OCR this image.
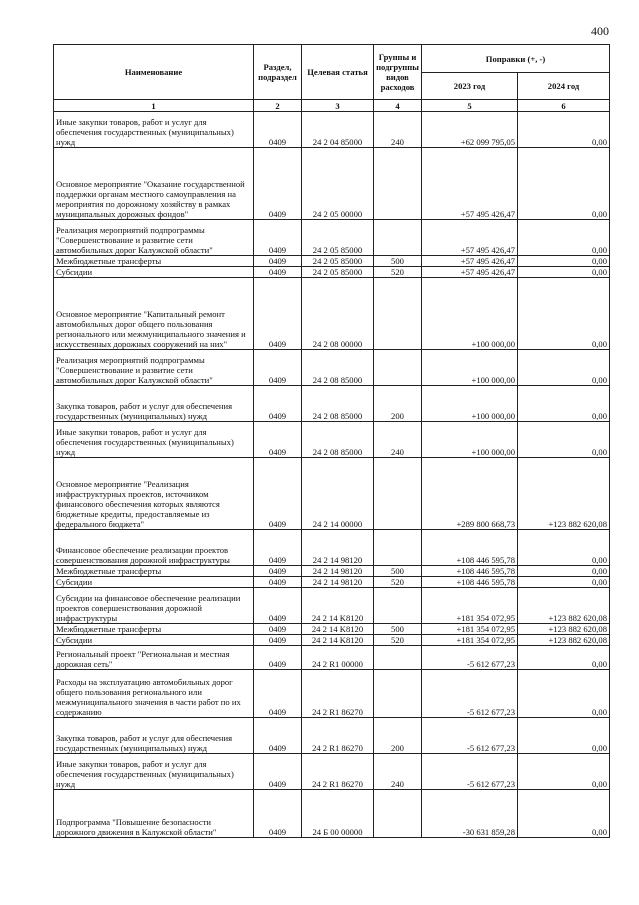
400
Наименование	Раздел, подраздел	Целевая статья	Группы и подгруппы видов расходов	Поправки (+, -)	
				2023 год	2024 год
1	2	3	4	5	6
Иные закупки товаров, работ и услуг для обеспечения государственных (муниципальных) нужд	0409	24 2 04 85000	240	+62 099 795,05	0,00
Основное мероприятие "Оказание государственной поддержки органам местного самоуправления на мероприятия по дорожному хозяйству в рамках муниципальных дорожных фондов"	0409	24 2 05 00000		+57 495 426,47	0,00
Реализация мероприятий подпрограммы "Совершенствование и развитие сети автомобильных дорог Калужской области"	0409	24 2 05 85000		+57 495 426,47	0,00
Межбюджетные трансферты	0409	24 2 05 85000	500	+57 495 426,47	0,00
Субсидии	0409	24 2 05 85000	520	+57 495 426,47	0,00
Основное мероприятие "Капитальный ремонт автомобильных дорог общего пользования регионального или межмуниципального значения и искусственных дорожных сооружений на них"	0409	24 2 08 00000		+100 000,00	0,00
Реализация мероприятий подпрограммы "Совершенствование и развитие сети автомобильных дорог Калужской области"	0409	24 2 08 85000		+100 000,00	0,00
Закупка товаров, работ и услуг для обеспечения государственных (муниципальных) нужд	0409	24 2 08 85000	200	+100 000,00	0,00
Иные закупки товаров, работ и услуг для обеспечения государственных (муниципальных) нужд	0409	24 2 08 85000	240	+100 000,00	0,00
Основное мероприятие "Реализация инфраструктурных проектов, источником финансового обеспечения которых являются бюджетные кредиты, предоставляемые из федерального бюджета"	0409	24 2 14 00000		+289 800 668,73	+123 882 620,08
Финансовое обеспечение реализации проектов совершенствования дорожной инфраструктуры	0409	24 2 14 98120		+108 446 595,78	0,00
Межбюджетные трансферты	0409	24 2 14 98120	500	+108 446 595,78	0,00
Субсидии	0409	24 2 14 98120	520	+108 446 595,78	0,00
Субсидии на финансовое обеспечение реализации проектов совершенствования дорожной инфраструктуры	0409	24 2 14 K8120		+181 354 072,95	+123 882 620,08
Межбюджетные трансферты	0409	24 2 14 K8120	500	+181 354 072,95	+123 882 620,08
Субсидии	0409	24 2 14 K8120	520	+181 354 072,95	+123 882 620,08
Региональный проект "Региональная и местная дорожная сеть"	0409	24 2 R1 00000		-5 612 677,23	0,00
Расходы на эксплуатацию автомобильных дорог общего пользования регионального или межмуниципального значения в части работ по их содержанию	0409	24 2 R1 86270		-5 612 677,23	0,00
Закупка товаров, работ и услуг для обеспечения государственных (муниципальных) нужд	0409	24 2 R1 86270	200	-5 612 677,23	0,00
Иные закупки товаров, работ и услуг для обеспечения государственных (муниципальных) нужд	0409	24 2 R1 86270	240	-5 612 677,23	0,00
Подпрограмма "Повышение безопасности дорожного движения в Калужской области"	0409	24 Б 00 00000		-30 631 859,28	0,00
